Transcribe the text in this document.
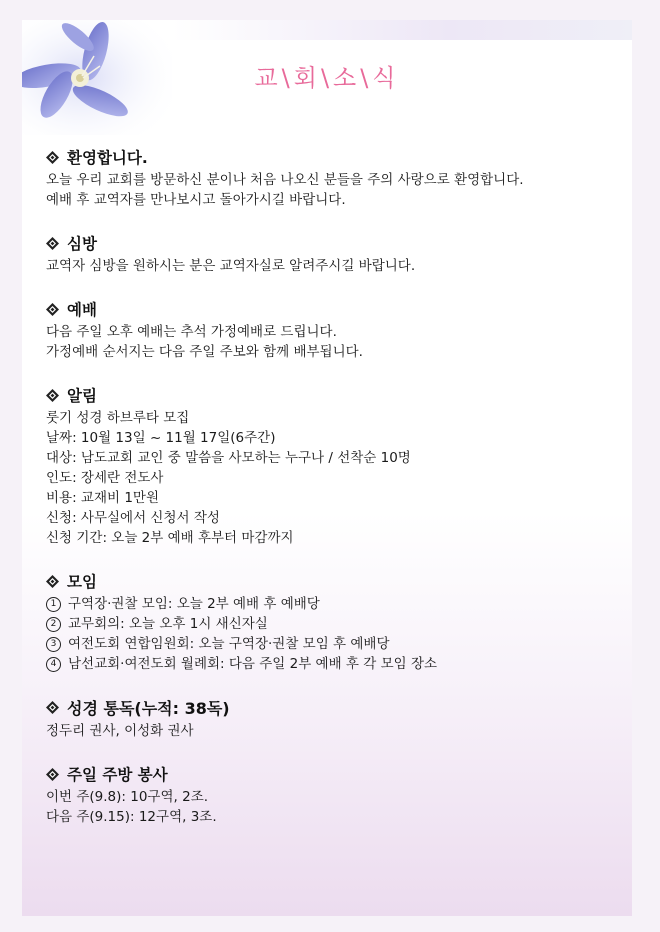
교\회\소\식
환영합니다.
오늘 우리 교회를 방문하신 분이나 처음 나오신 분들을 주의 사랑으로 환영합니다.
예배 후 교역자를 만나보시고 돌아가시길 바랍니다.
심방
교역자 심방을 원하시는 분은 교역자실로 알려주시길 바랍니다.
예배
다음 주일 오후 예배는 추석 가정예배로 드립니다.
가정예배 순서지는 다음 주일 주보와 함께 배부됩니다.
알림
룻기 성경 하브루타 모집
날짜: 10월 13일 ~ 11월 17일(6주간)
대상: 남도교회 교인 중 말씀을 사모하는 누구나 / 선착순 10명
인도: 장세란 전도사
비용: 교재비 1만원
신청: 사무실에서 신청서 작성
신청 기간: 오늘 2부 예배 후부터 마감까지
모임
1 구역장·권찰 모임: 오늘 2부 예배 후 예배당
2 교무회의: 오늘 오후 1시 새신자실
3 여전도회 연합임원회: 오늘 구역장·권찰 모임 후 예배당
4 남선교회·여전도회 월례회: 다음 주일 2부 예배 후 각 모임 장소
성경 통독(누적: 38독)
정두리 권사, 이성화 권사
주일 주방 봉사
이번 주(9.8): 10구역, 2조.
다음 주(9.15): 12구역, 3조.
